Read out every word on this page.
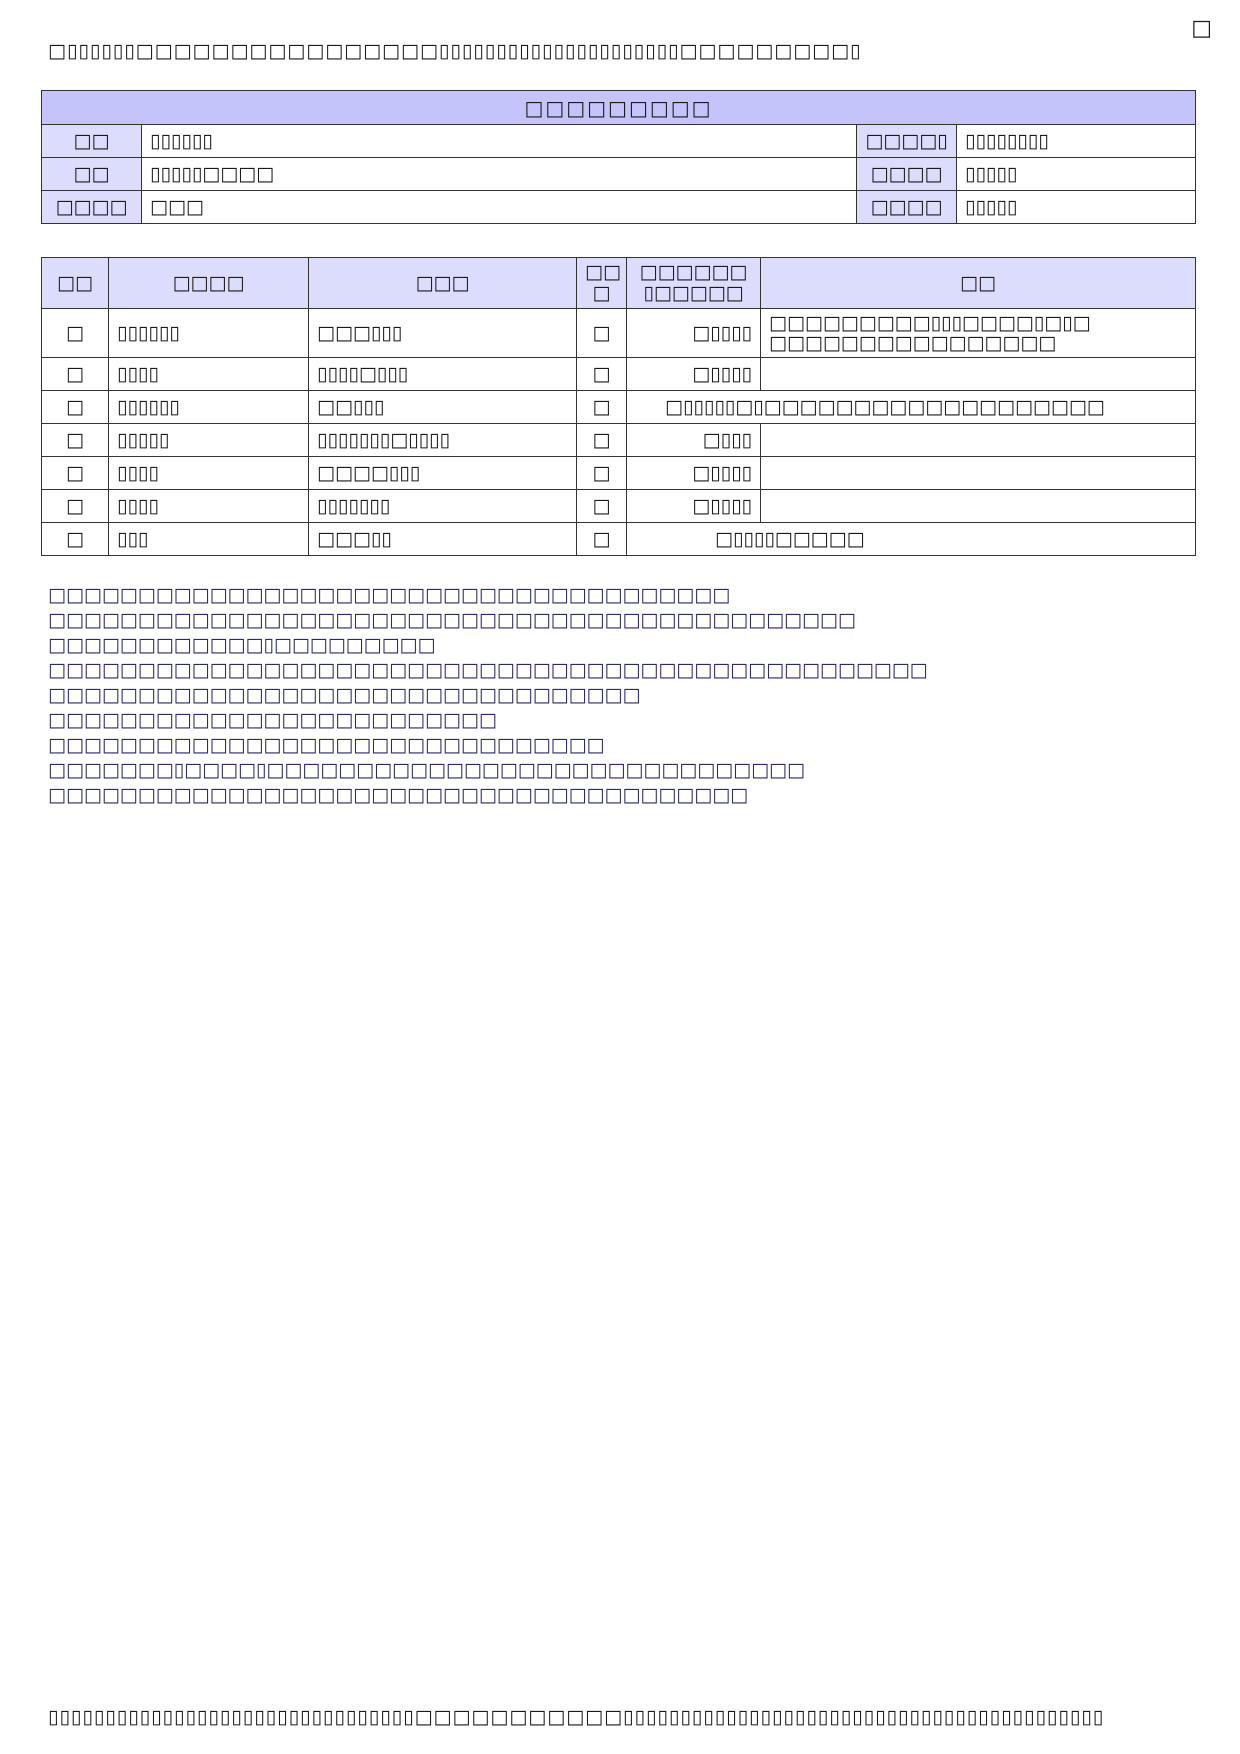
□
□▯▯▯▯▯▯□□□□□□□□□□□□□□□□▯▯▯▯▯▯▯▯▯▯▯▯▯▯▯▯▯▯▯▯▯□□□□□□□□□▯
□□□□□□□□□			
□□	▯▯▯▯▯▯	□□□□▯	▯▯▯▯▯▯▯▯
□□	▯▯▯▯▯□□□□	□□□□	▯▯▯▯▯
□□□□	□□□	□□□□	▯▯▯▯▯
□□	□□□□	□□□	□□ □	□□□□□□ ▯□□□□□	□□
□	▯▯▯▯▯▯	□□□▯▯▯	□	□▯▯▯▯	□□□□□□□□□▯▯▯□□□□▯□▯□ □□□□□□□□□□□□□□□□
□	▯▯▯▯	▯▯▯▯□▯▯▯	□	□▯▯▯▯	
□	▯▯▯▯▯▯	□□▯▯▯	□	□▯▯▯▯▯□▯□□□□□□□□□□□□□□□□□□□	
□	▯▯▯▯▯	▯▯▯▯▯▯▯□▯▯▯▯	□	□▯▯▯	
□	▯▯▯▯	□□□□▯▯▯	□	□▯▯▯▯	
□	▯▯▯▯	▯▯▯▯▯▯▯	□	□▯▯▯▯	
□	▯▯▯	□□□▯▯	□	□▯▯▯▯□□□□□	
□□□□□□□□□□□□□□□□□□□□□□□□□□□□□□□□□□□□□□
□□□□□□□□□□□□□□□□□□□□□□□□□□□□□□□□□□□□□□□□□□□□□
□□□□□□□□□□□□▯□□□□□□□□□
□□□□□□□□□□□□□□□□□□□□□□□□□□□□□□□□□□□□□□□□□□□□□□□□□
□□□□□□□□□□□□□□□□□□□□□□□□□□□□□□□□□
□□□□□□□□□□□□□□□□□□□□□□□□□
□□□□□□□□□□□□□□□□□□□□□□□□□□□□□□□
□□□□□□□▯□□□□▯□□□□□□□□□□□□□□□□□□□□□□□□□□□□□□
□□□□□□□□□□□□□□□□□□□□□□□□□□□□□□□□□□□□□□□
▯▯▯▯▯▯▯▯▯▯▯▯▯▯▯▯▯▯▯▯▯▯▯▯▯▯▯▯▯▯▯▯□□□□□□□□□□□▯▯▯▯▯▯▯▯▯▯▯▯▯▯▯▯▯▯▯▯▯▯▯▯▯▯▯▯▯▯▯▯▯▯▯▯▯▯▯▯▯▯
